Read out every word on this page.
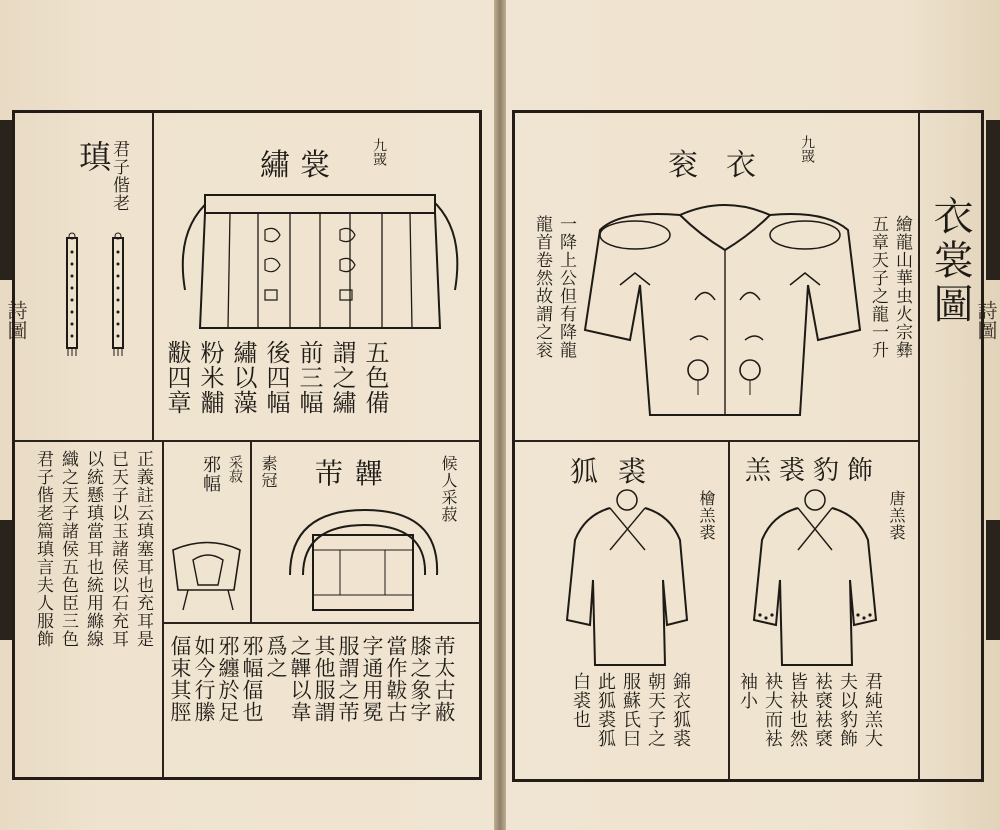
詩圖	詩圖
瑱
君子偕老	繡裳 九罭
五色備
謂之繡
前三幅
後四幅
繡以藻
粉米黼
黻四章
正義註云瑱塞耳也充耳是
已天子以玉諸侯以石充耳
以統懸瑱當耳也統用縧線
織之天子諸侯五色臣三色
君子偕老篇瑱言夫人服飾	候人采菽
芾韠
素冠
采菽
邪幅
芾太古蔽
膝之象字
當作韍古
字通用冕
服謂之芾
其他服謂
之韠以韋
爲之
邪幅偪也
邪纏於足
如今行縢
偪束其脛
衣裳圖
衮衣 九罭
繪龍山華虫火宗彝
五章天子之龍一升
一降上公但有降龍
龍首卷然故謂之衮
狐裘
檜羔裘
錦衣狐裘
朝天子之
服蘇氏曰
此狐裘狐
白裘也
羔裘豹飾
唐羔裘
君純羔大
夫以豹飾
袪褎袪褎
皆袂也然
袂大而袪
袖小
